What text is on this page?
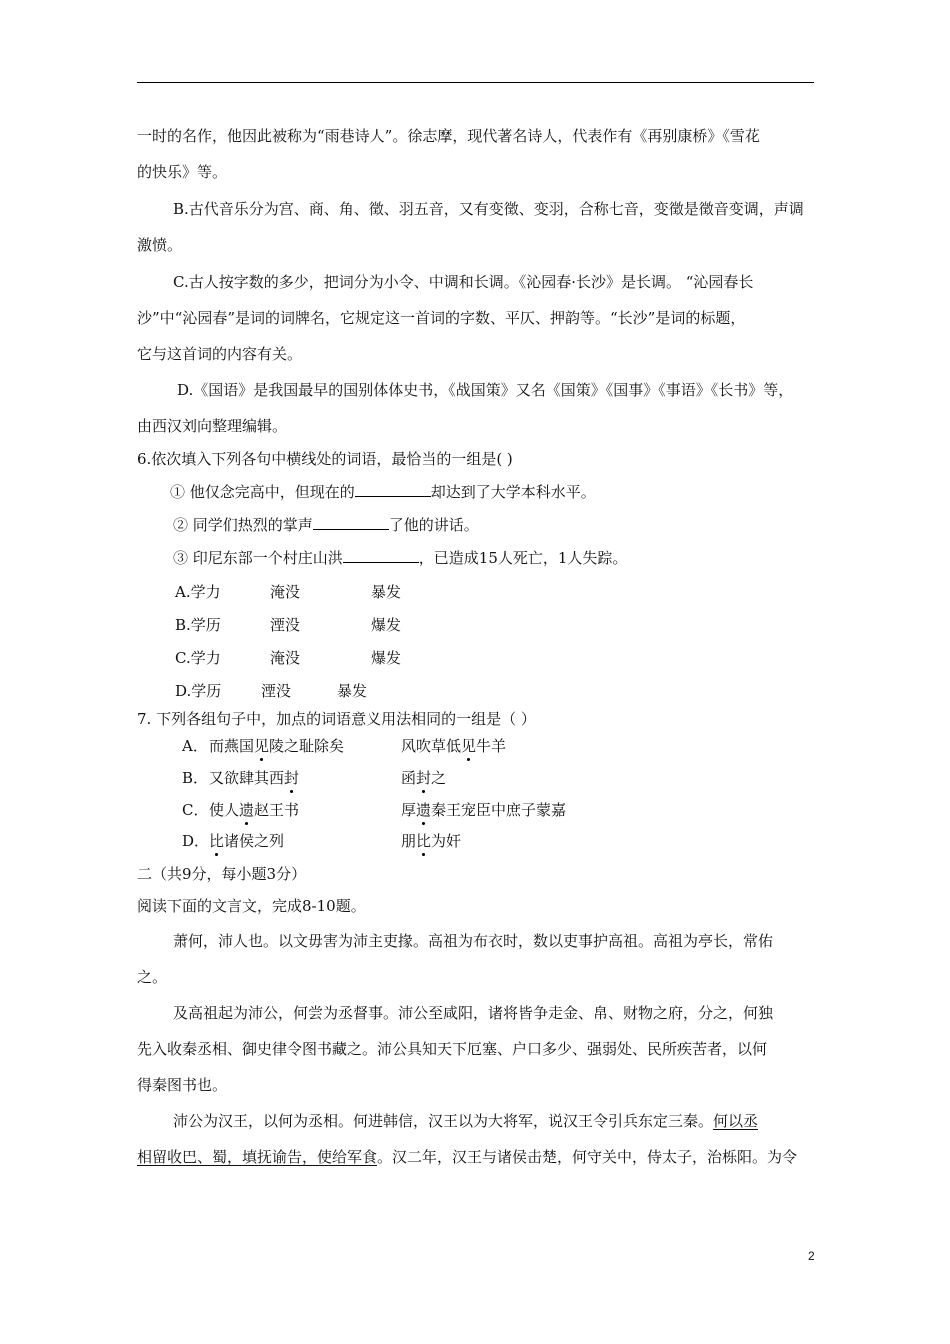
一时的名作，他因此被称为“雨巷诗人”。徐志摩，现代著名诗人，代表作有《再别康桥》《雪花
的快乐》等。
B.古代音乐分为宫、商、角、徵、羽五音，又有变徵、变羽，合称七音，变徵是徵音变调，声调
激愤。
C.古人按字数的多少，把词分为小令、中调和长调。《沁园春·长沙》是长调。 “沁园春长
沙”中“沁园春”是词的词牌名，它规定这一首词的字数、平仄、押韵等。“长沙”是词的标题，
它与这首词的内容有关。
D.《国语》是我国最早的国别体体史书，《战国策》又名《国策》《国事》《事语》《长书》等，
由西汉刘向整理编辑。
6.依次填入下列各句中横线处的词语，最恰当的一组是( )
① 他仅念完高中，但现在的	却达到了大学本科水平。
② 同学们热烈的掌声	了他的讲话。
③ 印尼东部一个村庄山洪	，已造成15人死亡，1人失踪。
A.学力	淹没	暴发
B.学历	湮没	爆发
C.学力	淹没	爆发
D.学历	湮没	暴发
7. 下列各组句子中，加点的词语意义用法相同的一组是（ ）
A． 而燕国见陵之耻除矣	风吹草低见牛羊
B． 又欲肆其西封	函封之
C． 使人遗赵王书	厚遗秦王宠臣中庶子蒙嘉
D． 比诸侯之列	朋比为奸
二（共9分，每小题3分）
阅读下面的文言文，完成8-10题。
萧何，沛人也。以文毋害为沛主吏掾。高祖为布衣时，数以吏事护高祖。高祖为亭长，常佑
之。
及高祖起为沛公，何尝为丞督事。沛公至咸阳，诸将皆争走金、帛、财物之府，分之，何独
先入收秦丞相、御史律令图书藏之。沛公具知天下厄塞、户口多少、强弱处、民所疾苦者，以何
得秦图书也。
沛公为汉王，以何为丞相。何进韩信，汉王以为大将军，说汉王令引兵东定三秦。何以丞
相留收巴、蜀，填抚谕告，使给军食。汉二年，汉王与诸侯击楚，何守关中，侍太子，治栎阳。为令
2
